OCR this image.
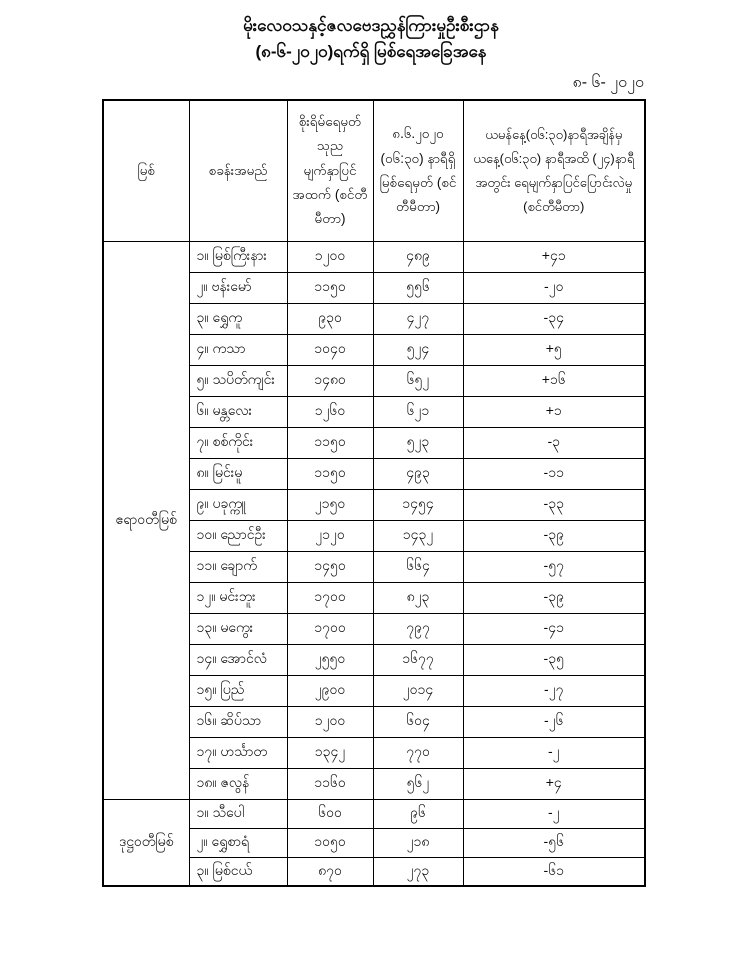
မိုးလေဝသနှင့်ဇလဗေဒညွှန်ကြားမှုဦးစီးဌာန
(၈-၆-၂၀၂၀)ရက်ရှိ မြစ်ရေအခြေအနေ
၈- ၆- ၂၀၂၀
မြစ်	စခန်းအမည်	စိုးရိမ်ရေမှတ် သုည မျက်နှာပြင် အထက် (စင်တီမီတာ)	၈.၆.၂၀၂၀ (၀၆:၃၀) နာရီရှိ မြစ်ရေမှတ် (စင်တီမီတာ)	ယမန်နေ့(၀၆:၃၀)နာရီအချိန်မှ ယနေ့(၀၆:၃၀) နာရီအထိ (၂၄)နာရီအတွင်း ရေမျက်နှာပြင်ပြောင်းလဲမှု (စင်တီမီတာ)
ဧရာဝတီမြစ်	၁။ မြစ်ကြီးနား	၁၂၀၀	၄၈၉	+၄၁
	၂။ ဗန်းမော်	၁၁၅၀	၅၅၆	-၂၀
	၃။ ရွှေကူ	၉၃၀	၄၂၇	-၃၄
	၄။ ကသာ	၁၀၄၀	၅၂၄	+၅
	၅။ သပိတ်ကျင်း	၁၄၈၀	၆၅၂	+၁၆
	၆။ မန္တလေး	၁၂၆၀	၆၂၁	+၁
	၇။ စစ်ကိုင်း	၁၁၅၀	၅၂၃	-၃
	၈။ မြင်းမူ	၁၁၅၀	၄၉၃	-၁၁
	၉။ ပခုက္ကူ	၂၁၅၀	၁၄၅၄	-၃၃
	၁၀။ ညောင်ဦး	၂၁၂၀	၁၄၃၂	-၃၉
	၁၁။ ချောက်	၁၄၅၀	၆၆၄	-၅၇
	၁၂။ မင်းဘူး	၁၇၀၀	၈၂၃	-၃၉
	၁၃။ မကွေး	၁၇၀၀	၇၉၇	-၄၁
	၁၄။ အောင်လံ	၂၅၅၀	၁၆၇၇	-၃၅
	၁၅။ ပြည်	၂၉၀၀	၂၀၁၄	-၂၇
	၁၆။ ဆိပ်သာ	၁၂၀၀	၆၀၄	-၂၆
	၁၇။ ဟင်္သာတ	၁၃၄၂	၇၇၀	-၂
	၁၈။ ဇလွန်	၁၁၆၀	၅၆၂	+၄
ဒုဋ္ဌဝတီမြစ်	၁။ သီပေါ	၆၀၀	၉၆	-၂
	၂။ ရွှေစာရံ	၁၀၅၀	၂၁၈	-၅၆
	၃။ မြစ်ငယ်	၈၇၀	၂၇၃	-၆၁
